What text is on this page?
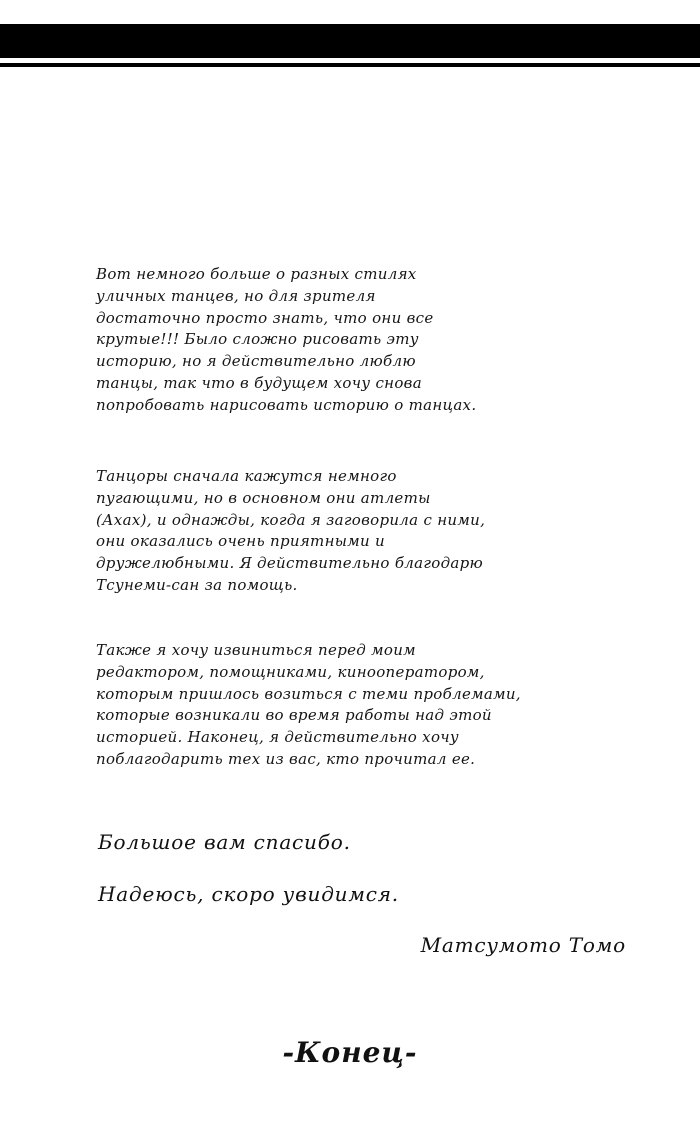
Вот немного больше о разных стилях
уличных танцев, но для зрителя
достаточно просто знать, что они все
крутые!!! Было сложно рисовать эту
историю, но я действительно люблю
танцы, так что в будущем хочу снова
попробовать нарисовать историю о танцах.
Танцоры сначала кажутся немного
пугающими, но в основном они атлеты
(Ахах), и однажды, когда я заговорила с ними,
они оказались очень приятными и
дружелюбными. Я действительно благодарю
Тсунеми-сан за помощь.
Также я хочу извиниться перед моим
редактором, помощниками, кинооператором,
которым пришлось возиться с теми проблемами,
которые возникали во время работы над этой
историей. Наконец, я действительно хочу
поблагодарить тех из вас, кто прочитал ее.
Большое вам спасибо.
Надеюсь, скоро увидимся.
Матсумото Томо
-Конец-
